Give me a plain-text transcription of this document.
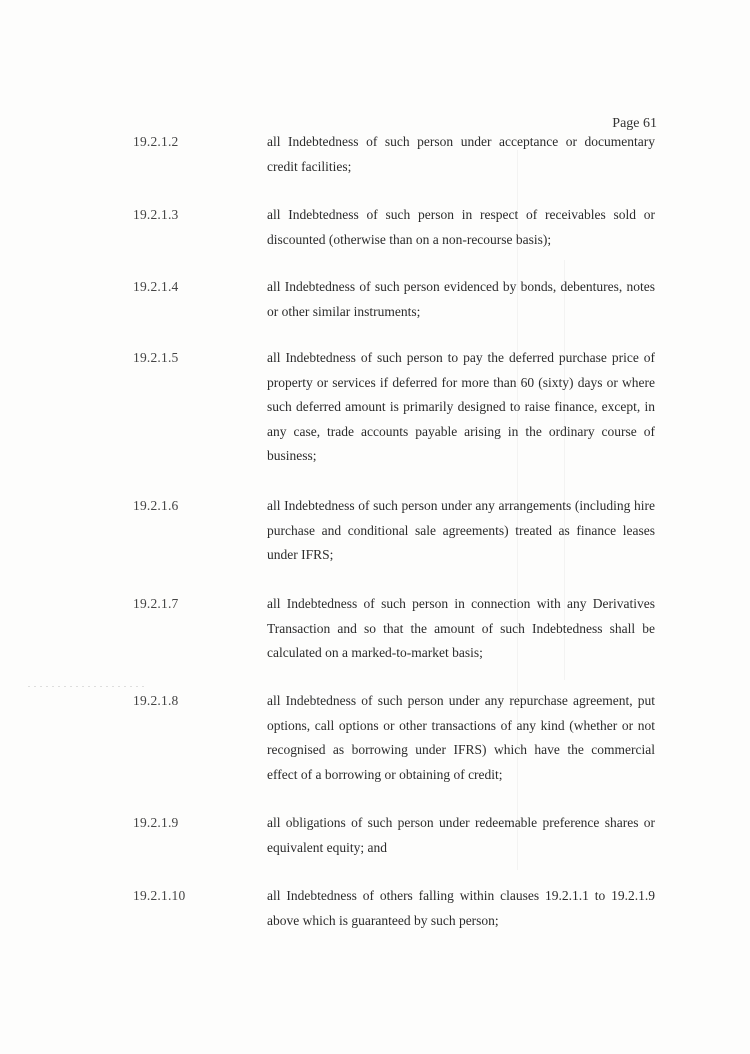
Page 61
19.2.1.2	all Indebtedness of such person under acceptance or documentary credit facilities;
19.2.1.3	all Indebtedness of such person in respect of receivables sold or discounted (otherwise than on a non-recourse basis);
19.2.1.4	all Indebtedness of such person evidenced by bonds, debentures, notes or other similar instruments;
19.2.1.5	all Indebtedness of such person to pay the deferred purchase price of property or services if deferred for more than 60 (sixty) days or where such deferred amount is primarily designed to raise finance, except, in any case, trade accounts payable arising in the ordinary course of business;
19.2.1.6	all Indebtedness of such person under any arrangements (including hire purchase and conditional sale agreements) treated as finance leases under IFRS;
19.2.1.7	all Indebtedness of such person in connection with any Derivatives Transaction and so that the amount of such Indebtedness shall be calculated on a marked-to-market basis;
19.2.1.8	all Indebtedness of such person under any repurchase agreement, put options, call options or other transactions of any kind (whether or not recognised as borrowing under IFRS) which have the commercial effect of a borrowing or obtaining of credit;
19.2.1.9	all obligations of such person under redeemable preference shares or equivalent equity; and
19.2.1.10	all Indebtedness of others falling within clauses 19.2.1.1 to 19.2.1.9 above which is guaranteed by such person;
